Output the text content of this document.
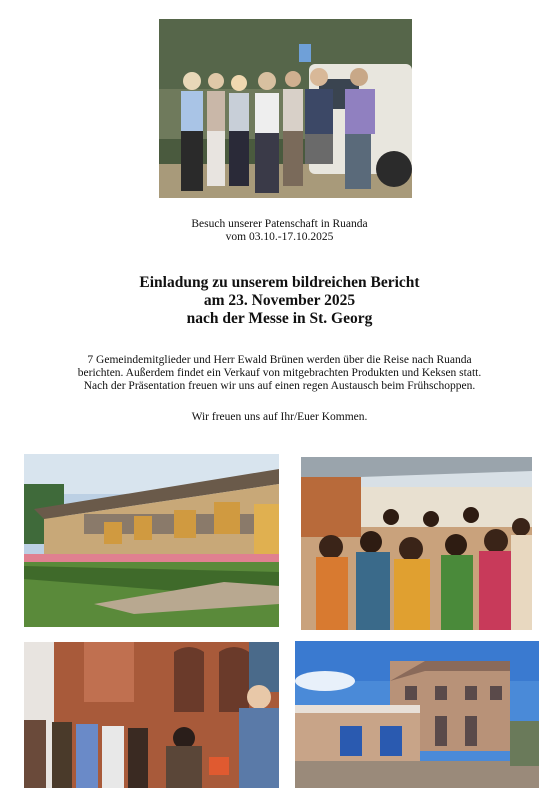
Besuch unserer Patenschaft in Ruanda
vom 03.10.-17.10.2025
Einladung zu unserem bildreichen Bericht
am 23. November 2025
nach der Messe in St. Georg
7 Gemeindemitglieder und Herr Ewald Brünen werden über die Reise nach Ruanda
berichten. Außerdem findet ein Verkauf von mitgebrachten Produkten und Keksen statt.
Nach der Präsentation freuen wir uns auf einen regen Austausch beim Frühschoppen.
Wir freuen uns auf Ihr/Euer Kommen.
